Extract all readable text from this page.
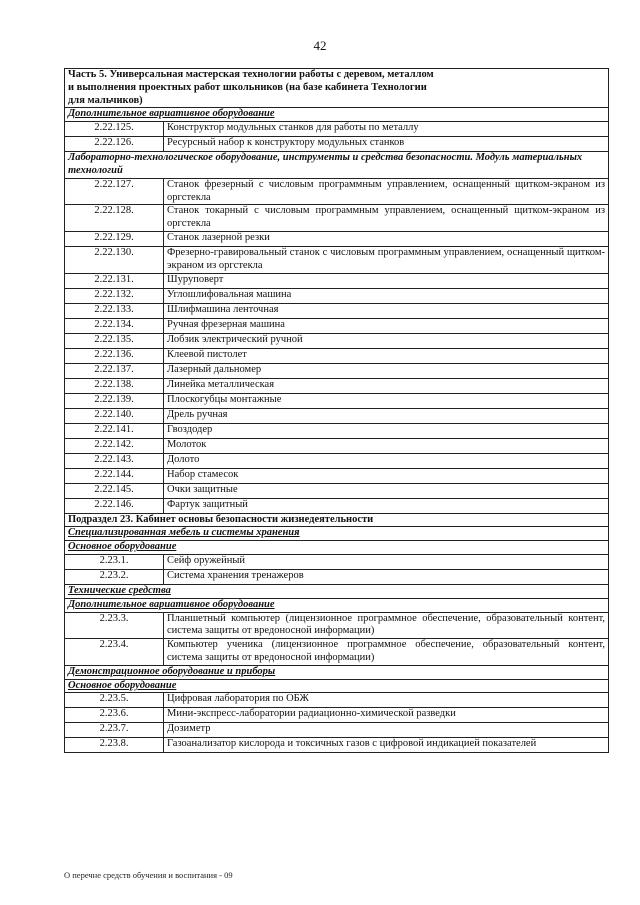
42
Часть 5. Универсальная мастерская технологии работы с деревом, металлом
и выполнения проектных работ школьников (на базе кабинета Технологии
для мальчиков)	
Дополнительное вариативное оборудование	
2.22.125.	Конструктор модульных станков для работы по металлу
2.22.126.	Ресурсный набор к конструктору модульных станков
Лабораторно-технологическое оборудование, инструменты и средства безопасности. Модуль материальных технологий	
2.22.127.	Станок фрезерный с числовым программным управлением, оснащенный щитком-экраном из оргстекла
2.22.128.	Станок токарный с числовым программным управлением, оснащенный щитком-экраном из оргстекла
2.22.129.	Станок лазерной резки
2.22.130.	Фрезерно-гравировальный станок с числовым программным управлением, оснащенный щитком-экраном из оргстекла
2.22.131.	Шуруповерт
2.22.132.	Углошлифовальная машина
2.22.133.	Шлифмашина ленточная
2.22.134.	Ручная фрезерная машина
2.22.135.	Лобзик электрический ручной
2.22.136.	Клеевой пистолет
2.22.137.	Лазерный дальномер
2.22.138.	Линейка металлическая
2.22.139.	Плоскогубцы монтажные
2.22.140.	Дрель ручная
2.22.141.	Гвоздодер
2.22.142.	Молоток
2.22.143.	Долото
2.22.144.	Набор стамесок
2.22.145.	Очки защитные
2.22.146.	Фартук защитный
Подраздел 23. Кабинет основы безопасности жизнедеятельности	
Специализированная мебель и системы хранения	
Основное оборудование	
2.23.1.	Сейф оружейный
2.23.2.	Система хранения тренажеров
Технические средства	
Дополнительное вариативное оборудование	
2.23.3.	Планшетный компьютер (лицензионное программное обеспечение, образовательный контент, система защиты от вредоносной информации)
2.23.4.	Компьютер ученика (лицензионное программное обеспечение, образовательный контент, система защиты от вредоносной информации)
Демонстрационное оборудование и приборы	
Основное оборудование	
2.23.5.	Цифровая лаборатория по ОБЖ
2.23.6.	Мини-экспресс-лаборатории радиационно-химической разведки
2.23.7.	Дозиметр
2.23.8.	Газоанализатор кислорода и токсичных газов с цифровой индикацией показателей
О перечне средств обучения и воспитания - 09
